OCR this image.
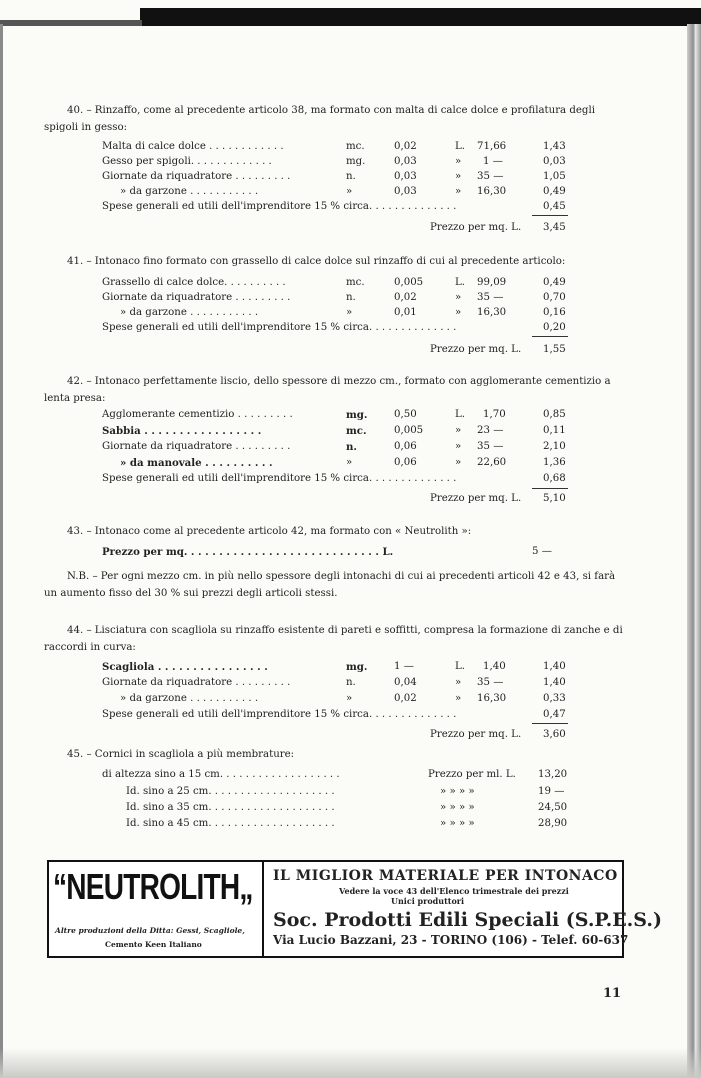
40. – Rinzaffo, come al precedente articolo 38, ma formato con malta di calce dolce e profilatura degli spigoli in gesso:
Malta di calce dolce . . . . . . . . . . . .	mc.	0,02	L. 71,66	1,43
Gesso per spigoli. . . . . . . . . . . . .	mg.	0,03	» 1 —	0,03
Giornate da riquadratore . . . . . . . . .	n.	0,03	» 35 —	1,05
» da garzone . . . . . . . . . . .	»	0,03	» 16,30	0,49
Spese generali ed utili dell'imprenditore 15 % circa. . . . . . . . . . . . . .	0,45
Prezzo per mq. L. 3,45
41. – Intonaco fino formato con grassello di calce dolce sul rinzaffo di cui al precedente articolo:
Grassello di calce dolce. . . . . . . . . .	mc.	0,005	L. 99,09	0,49
Giornate da riquadratore . . . . . . . . .	n.	0,02	» 35 —	0,70
» da garzone . . . . . . . . . . .	»	0,01	» 16,30	0,16
Spese generali ed utili dell'imprenditore 15 % circa. . . . . . . . . . . . . .	0,20
Prezzo per mq. L. 1,55
42. – Intonaco perfettamente liscio, dello spessore di mezzo cm., formato con agglomerante cementizio a lenta presa:
Agglomerante cementizio . . . . . . . . .	mg.	0,50	L. 1,70	0,85
Sabbia . . . . . . . . . . . . . . . . .	mc.	0,005	» 23 —	0,11
Giornate da riquadratore . . . . . . . . .	n.	0,06	» 35 —	2,10
» da manovale . . . . . . . . . .	»	0,06	» 22,60	1,36
Spese generali ed utili dell'imprenditore 15 % circa. . . . . . . . . . . . . .	0,68
Prezzo per mq. L. 5,10
43. – Intonaco come al precedente articolo 42, ma formato con « Neutrolith »:
Prezzo per mq. . . . . . . . . . . . . . . . . . . . . . . . . . . . L.	5 —
N.B. – Per ogni mezzo cm. in più nello spessore degli intonachi di cui ai precedenti articoli 42 e 43, si farà un aumento fisso del 30 % sui prezzi degli articoli stessi.
44. – Lisciatura con scagliola su rinzaffo esistente di pareti e soffitti, compresa la formazione di zanche e di raccordi in curva:
Scagliola . . . . . . . . . . . . . . . .	mg.	1 —	L. 1,40	1,40
Giornate da riquadratore . . . . . . . . .	n.	0,04	» 35 —	1,40
» da garzone . . . . . . . . . . .	»	0,02	» 16,30	0,33
Spese generali ed utili dell'imprenditore 15 % circa. . . . . . . . . . . . . .	0,47
Prezzo per mq. L. 3,60
45. – Cornici in scagliola a più membrature:
di altezza sino a 15 cm. . . . . . . . . . . . . . . . . . .	Prezzo per ml. L. 13,20
Id. sino a 25 cm. . . . . . . . . . . . . . . . . . . .	» » » »	19 —
Id. sino a 35 cm. . . . . . . . . . . . . . . . . . . .	» » » »	24,50
Id. sino a 45 cm. . . . . . . . . . . . . . . . . . . .	» » » »	28,90
“NEUTROLITH„
Altre produzioni della Ditta: Gessi, Scagliole,
Cemento Keen Italiano
IL MIGLIOR MATERIALE PER INTONACO
Vedere la voce 43 dell'Elenco trimestrale dei prezzi
Unici produttori
Soc. Prodotti Edili Speciali (S.P.E.S.)
Via Lucio Bazzani, 23 - TORINO (106) - Telef. 60-637
11
